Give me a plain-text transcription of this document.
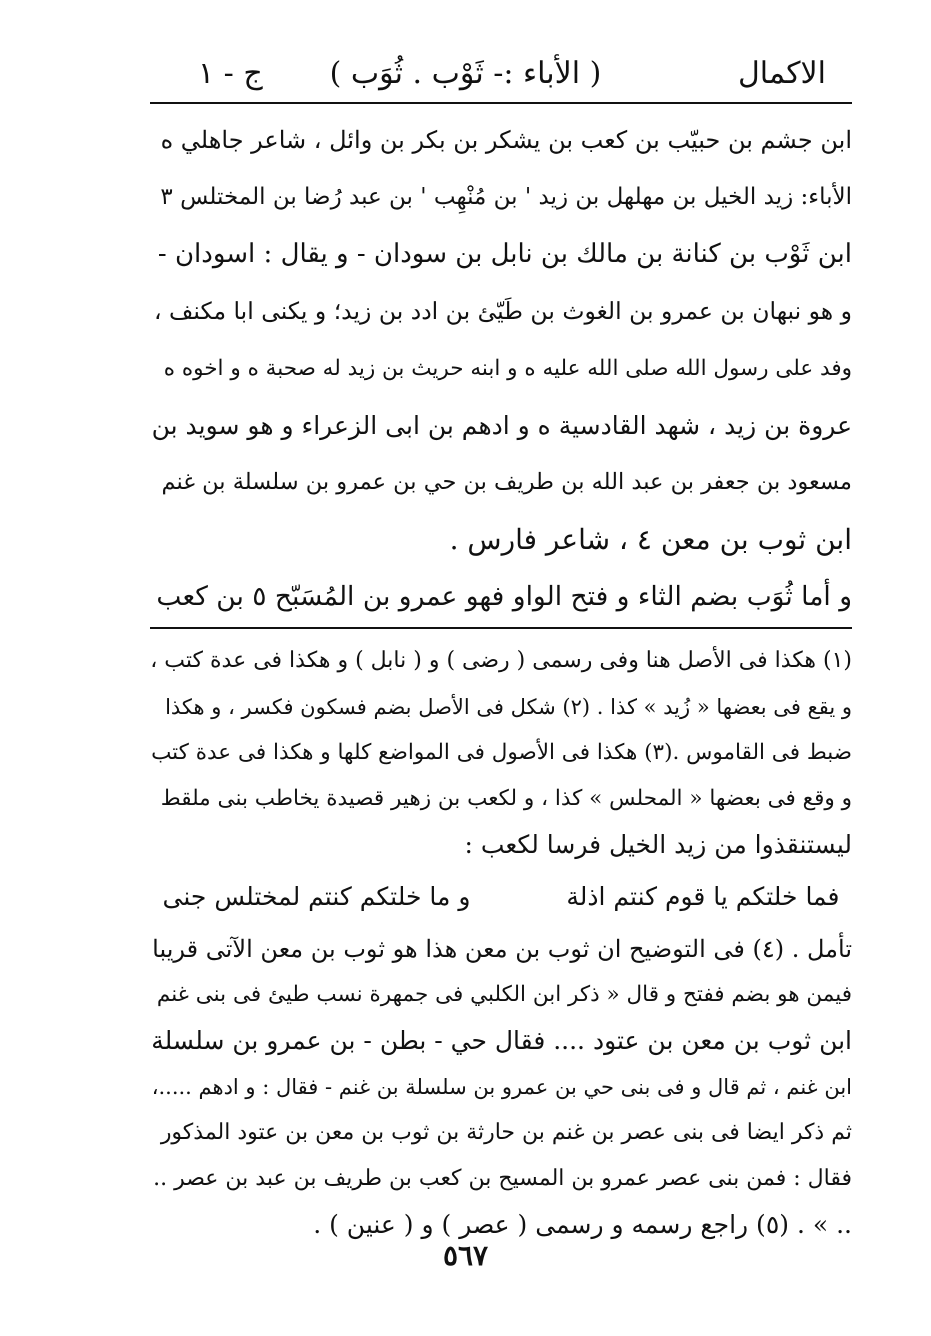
الاكمال
( الأباء :- ثَوْب . ثُوَب )
ج - ١
ابن جشم بن حبيّب بن كعب بن يشكر بن بكر بن وائل ، شاعر جاهلي ه
الأباء: زيد الخيل بن مهلهل بن زيد ' بن مُنْهِب ' بن عبد رُضا بن المختلس ٣
ابن ثَوْب بن كنانة بن مالك بن نابل بن سودان - و يقال : اسودان -
و هو نبهان بن عمرو بن الغوث بن طَيّئ بن ادد بن زيد؛ و يكنى ابا مكنف ،
وفد على رسول الله صلى الله عليه ه و ابنه حريث بن زيد له صحبة ه و اخوه ه
عروة بن زيد ، شهد القادسية ه و ادهم بن ابى الزعراء و هو سويد بن
مسعود بن جعفر بن عبد الله بن طريف بن حي بن عمرو بن سلسلة بن غنم
ابن ثوب بن معن ٤ ، شاعر فارس .
و أما ثُوَب بضم الثاء و فتح الواو فهو عمرو بن المُسَبّح ٥ بن كعب
(١) هكذا فى الأصل هنا وفى رسمى ( رضى ) و ( نابل ) و هكذا فى عدة كتب ،
و يقع فى بعضها « زُيد » كذا . (٢) شكل فى الأصل بضم فسكون فكسر ، و هكذا
ضبط فى القاموس .(٣) هكذا فى الأصول فى المواضع كلها و هكذا فى عدة كتب
و وقع فى بعضها « المحلس » كذا ، و لكعب بن زهير قصيدة يخاطب بنى ملقط
ليستنقذوا من زيد الخيل فرسا لكعب :
فما خلتكم يا قوم كنتم اذلة  و ما خلتكم كنتم لمختلس جنى
تأمل . (٤) فى التوضيح ان ثوب بن معن هذا هو ثوب بن معن الآتى قريبا
فيمن هو بضم ففتح و قال « ذكر ابن الكلبي فى جمهرة نسب طيئ فى بنى غنم
ابن ثوب بن معن بن عتود .... فقال حي - بطن - بن عمرو بن سلسلة
ابن غنم ، ثم قال و فى بنى حي بن عمرو بن سلسلة بن غنم - فقال : و ادهم .....،
ثم ذكر ايضا فى بنى عصر بن غنم بن حارثة بن ثوب بن معن بن عتود المذكور
فقال : فمن بنى عصر عمرو بن المسيح بن كعب بن طريف بن عبد بن عصر ..
.. » . (٥) راجع رسمه و رسمى ( عصر ) و ( عنين ) .
٥٦٧
